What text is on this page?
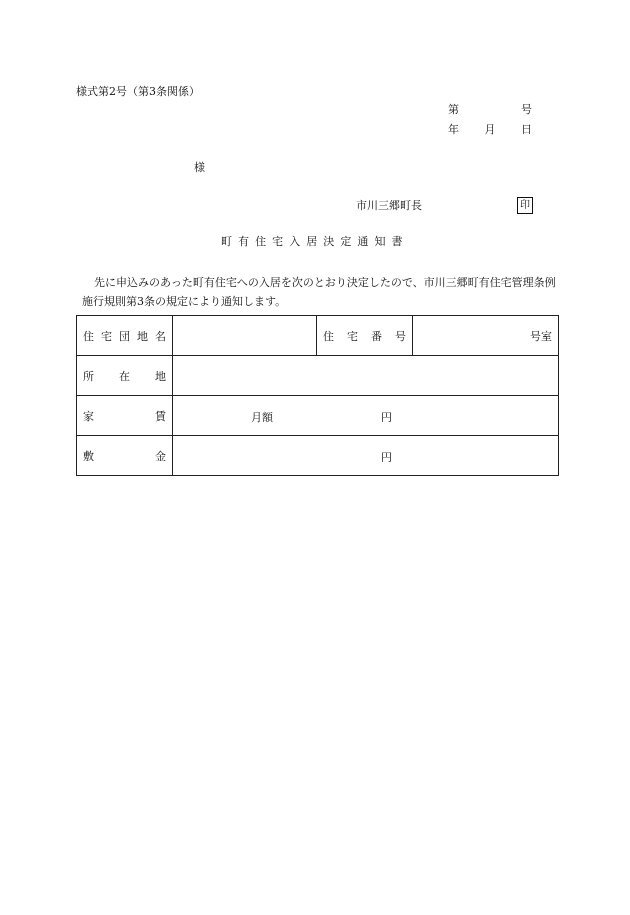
様式第2号（第3条関係）
第	号
年 月 日
様
市川三郷町長	印
町有住宅入居決定通知書
先に申込みのあった町有住宅への入居を次のとおり決定したので、市川三郷町有住宅管理条例施行規則第3条の規定により通知します。
住 宅 団 地 名		住 宅 番 号	号室

所 在 地			

家 賃	月額 円		

敷 金	円		
